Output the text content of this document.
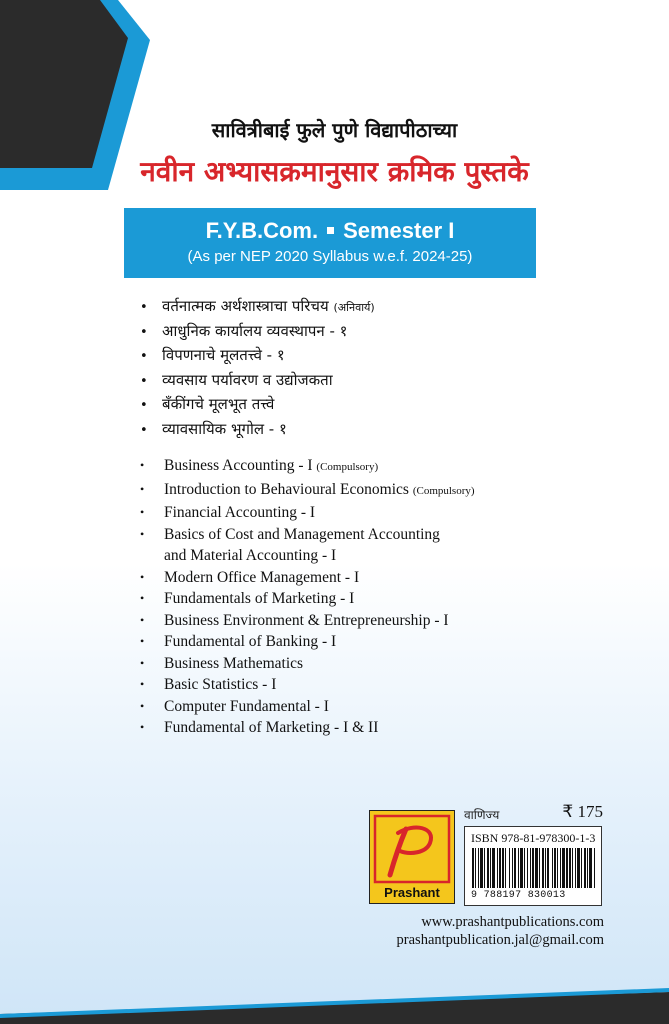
सावित्रीबाई फुले पुणे विद्यापीठाच्या
नवीन अभ्यासक्रमानुसार क्रमिक पुस्तके
F.Y.B.Com. Semester I
(As per NEP 2020 Syllabus w.e.f. 2024-25)
• वर्तनात्मक अर्थशास्त्राचा परिचय (अनिवार्य)
• आधुनिक कार्यालय व्यवस्थापन - १
• विपणनाचे मूलतत्त्वे - १
• व्यवसाय पर्यावरण व उद्योजकता
• बँकींगचे मूलभूत तत्त्वे
• व्यावसायिक भूगोल - १
•	Business Accounting - I (Compulsory)
•	Introduction to Behavioural Economics (Compulsory)
•	Financial Accounting - I
•	Basics of Cost and Management Accounting
and Material Accounting - I
•	Modern Office Management - I
•	Fundamentals of Marketing - I
•	Business Environment & Entrepreneurship - I
•	Fundamental of Banking - I
•	Business Mathematics
•	Basic Statistics - I
•	Computer Fundamental - I
•	Fundamental of Marketing - I & II
Prashant
वाणिज्य	₹ 175
ISBN 978-81-978300-1-3
9 788197 830013
www.prashantpublications.com
prashantpublication.jal@gmail.com
